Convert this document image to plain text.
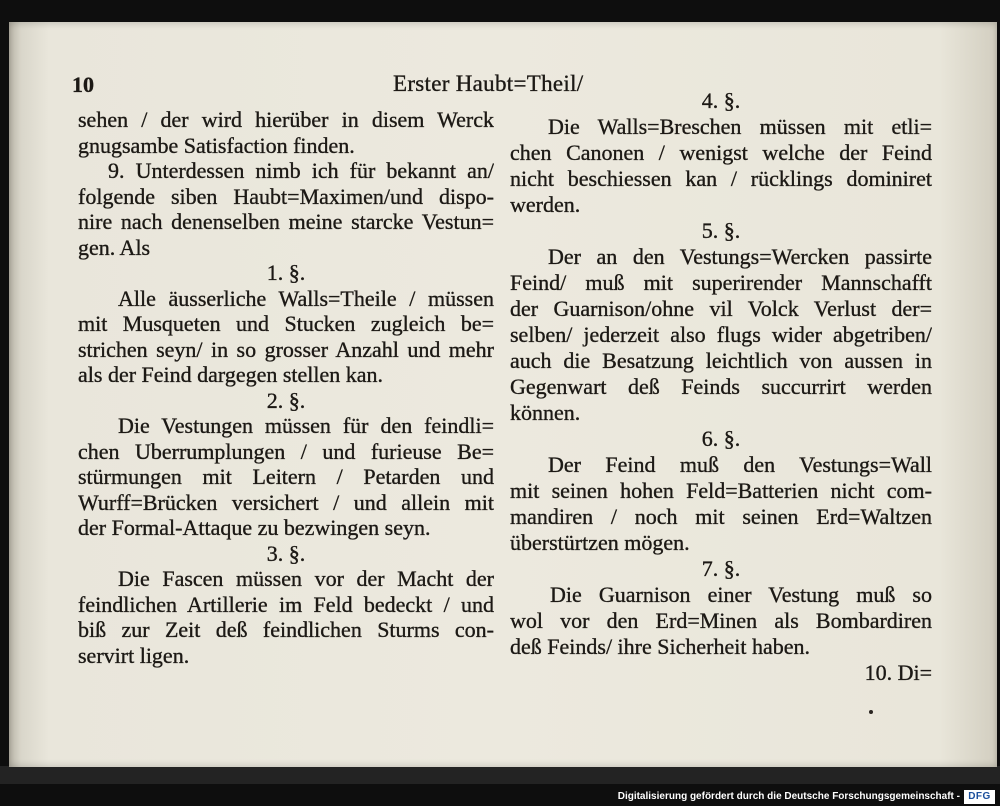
10	Erster Haubt=Theil/
sehen / der wird hierüber in disem Werck
gnugsambe Satisfaction finden.
9. Unterdessen nimb ich für bekannt an/
folgende siben Haubt=Maximen/und dispo-
nire nach denenselben meine starcke Vestun=
gen. Als
1. §.
Alle äusserliche Walls=Theile / müssen
mit Musqueten und Stucken zugleich be=
strichen seyn/ in so grosser Anzahl und mehr
als der Feind dargegen stellen kan.
2. §.
Die Vestungen müssen für den feindli=
chen Uberrumplungen / und furieuse Be=
stürmungen mit Leitern / Petarden und
Wurff=Brücken versichert / und allein mit
der Formal-Attaque zu bezwingen seyn.
3. §.
Die Fascen müssen vor der Macht der
feindlichen Artillerie im Feld bedeckt / und
biß zur Zeit deß feindlichen Sturms con-
servirt ligen.
4. §.
Die Walls=Breschen müssen mit etli=
chen Canonen / wenigst welche der Feind
nicht beschiessen kan / rücklings dominiret
werden.
5. §.
Der an den Vestungs=Wercken passirte
Feind/ muß mit superirender Mannschafft
der Guarnison/ohne vil Volck Verlust der=
selben/ jederzeit also flugs wider abgetriben/
auch die Besatzung leichtlich von aussen in
Gegenwart deß Feinds succurrirt werden
können.
6. §.
Der Feind muß den Vestungs=Wall
mit seinen hohen Feld=Batterien nicht com-
mandiren / noch mit seinen Erd=Waltzen
überstürtzen mögen.
7. §.
Die Guarnison einer Vestung muß so
wol vor den Erd=Minen als Bombardiren
deß Feinds/ ihre Sicherheit haben.
10. Di=
Digitalisierung gefördert durch die Deutsche Forschungsgemeinschaft - DFG
